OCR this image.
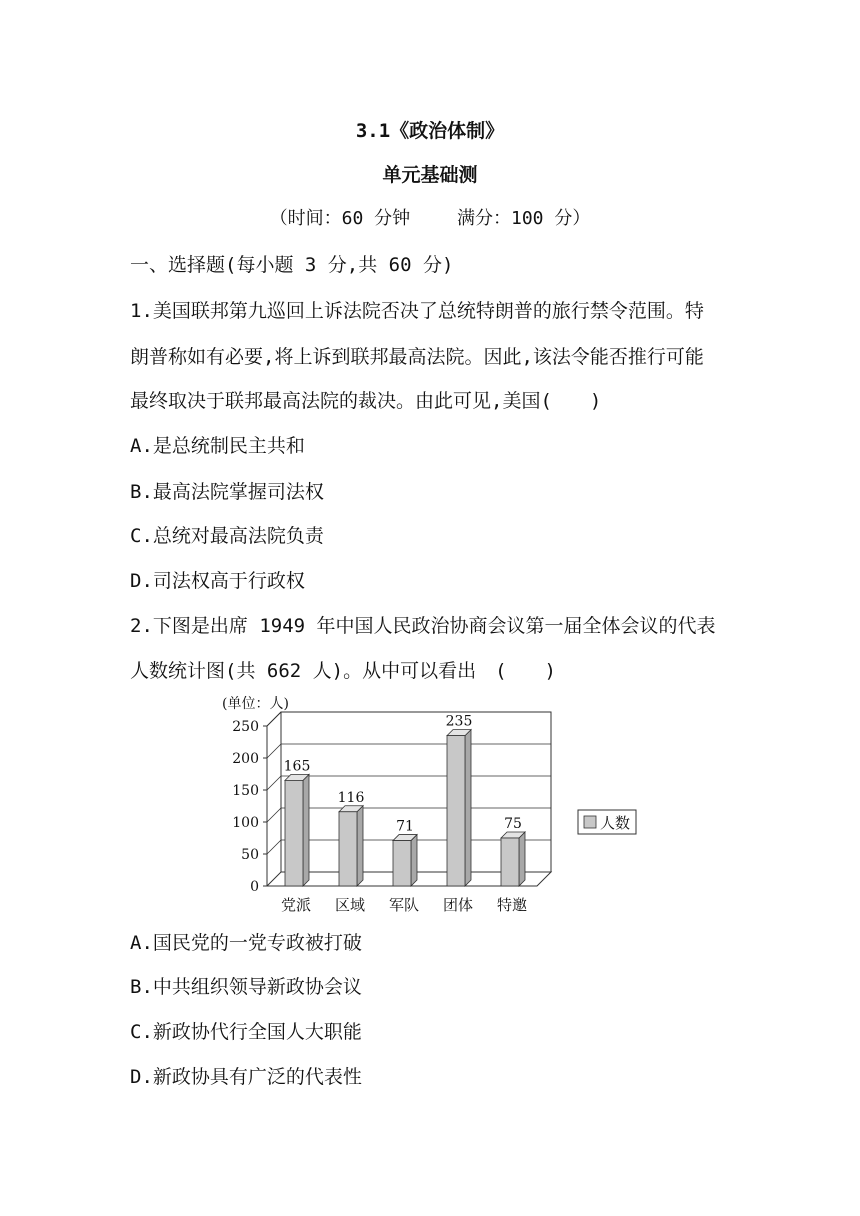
3.1《政治体制》
单元基础测
（时间：60 分钟　　 满分：100 分）
一、选择题(每小题 3 分,共 60 分)
1.美国联邦第九巡回上诉法院否决了总统特朗普的旅行禁令范围。特
朗普称如有必要,将上诉到联邦最高法院。因此,该法令能否推行可能
最终取决于联邦最高法院的裁决。由此可见,美国(　　)
A.是总统制民主共和
B.最高法院掌握司法权
C.总统对最高法院负责
D.司法权高于行政权
2.下图是出席 1949 年中国人民政治协商会议第一届全体会议的代表
人数统计图(共 662 人)。从中可以看出　(　　)
0
50
100
150
200
250
(单位：人)
165
党派
116
区域
71
军队
235
团体
75
特邀
人数
A.国民党的一党专政被打破
B.中共组织领导新政协会议
C.新政协代行全国人大职能
D.新政协具有广泛的代表性
